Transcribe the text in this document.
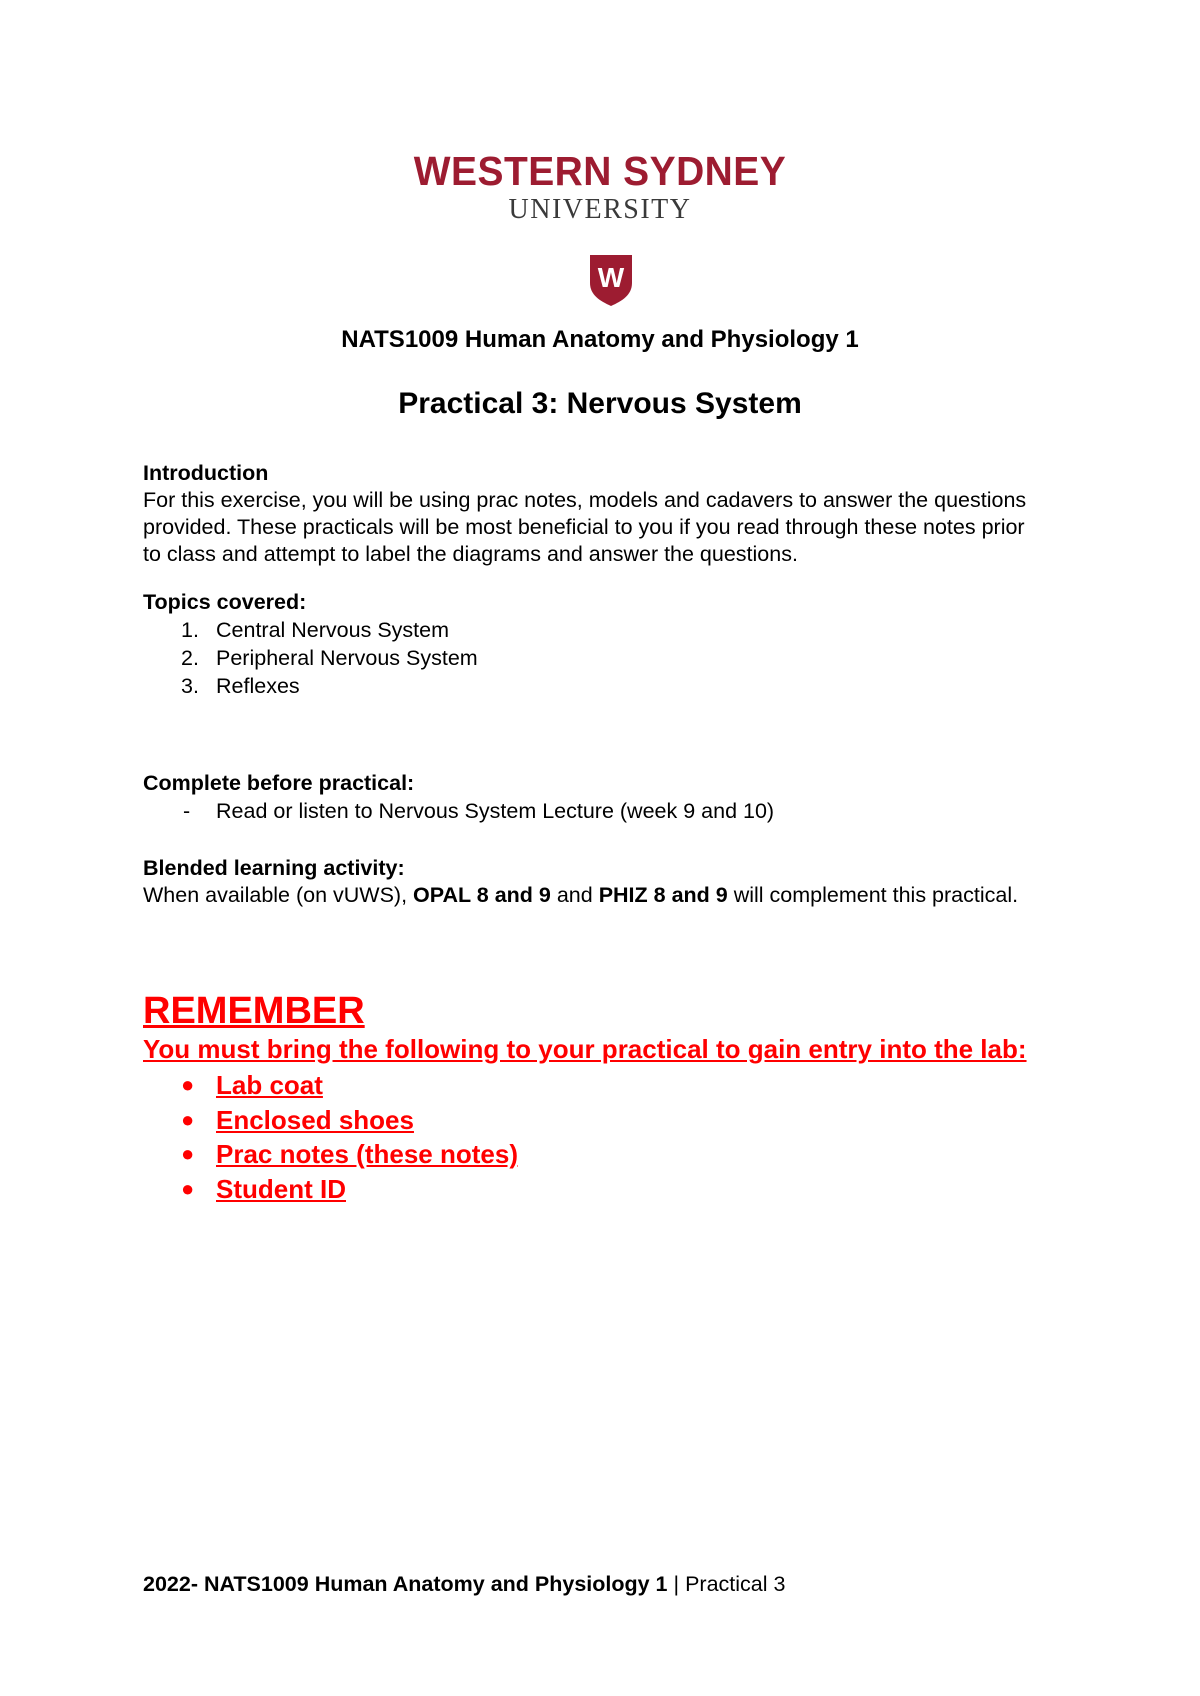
WESTERN SYDNEY
UNIVERSITY
W
NATS1009 Human Anatomy and Physiology 1
Practical 3: Nervous System
Introduction
For this exercise, you will be using prac notes, models and cadavers to answer the questions
provided. These practicals will be most beneficial to you if you read through these notes prior
to class and attempt to label the diagrams and answer the questions.
Topics covered:
1. Central Nervous System
2. Peripheral Nervous System
3. Reflexes
Complete before practical:
- Read or listen to Nervous System Lecture (week 9 and 10)
Blended learning activity:
When available (on vUWS), OPAL 8 and 9 and PHIZ 8 and 9 will complement this practical.
REMEMBER
You must bring the following to your practical to gain entry into the lab:
● Lab coat
● Enclosed shoes
● Prac notes (these notes)
● Student ID
2022- NATS1009 Human Anatomy and Physiology 1 | Practical 3
